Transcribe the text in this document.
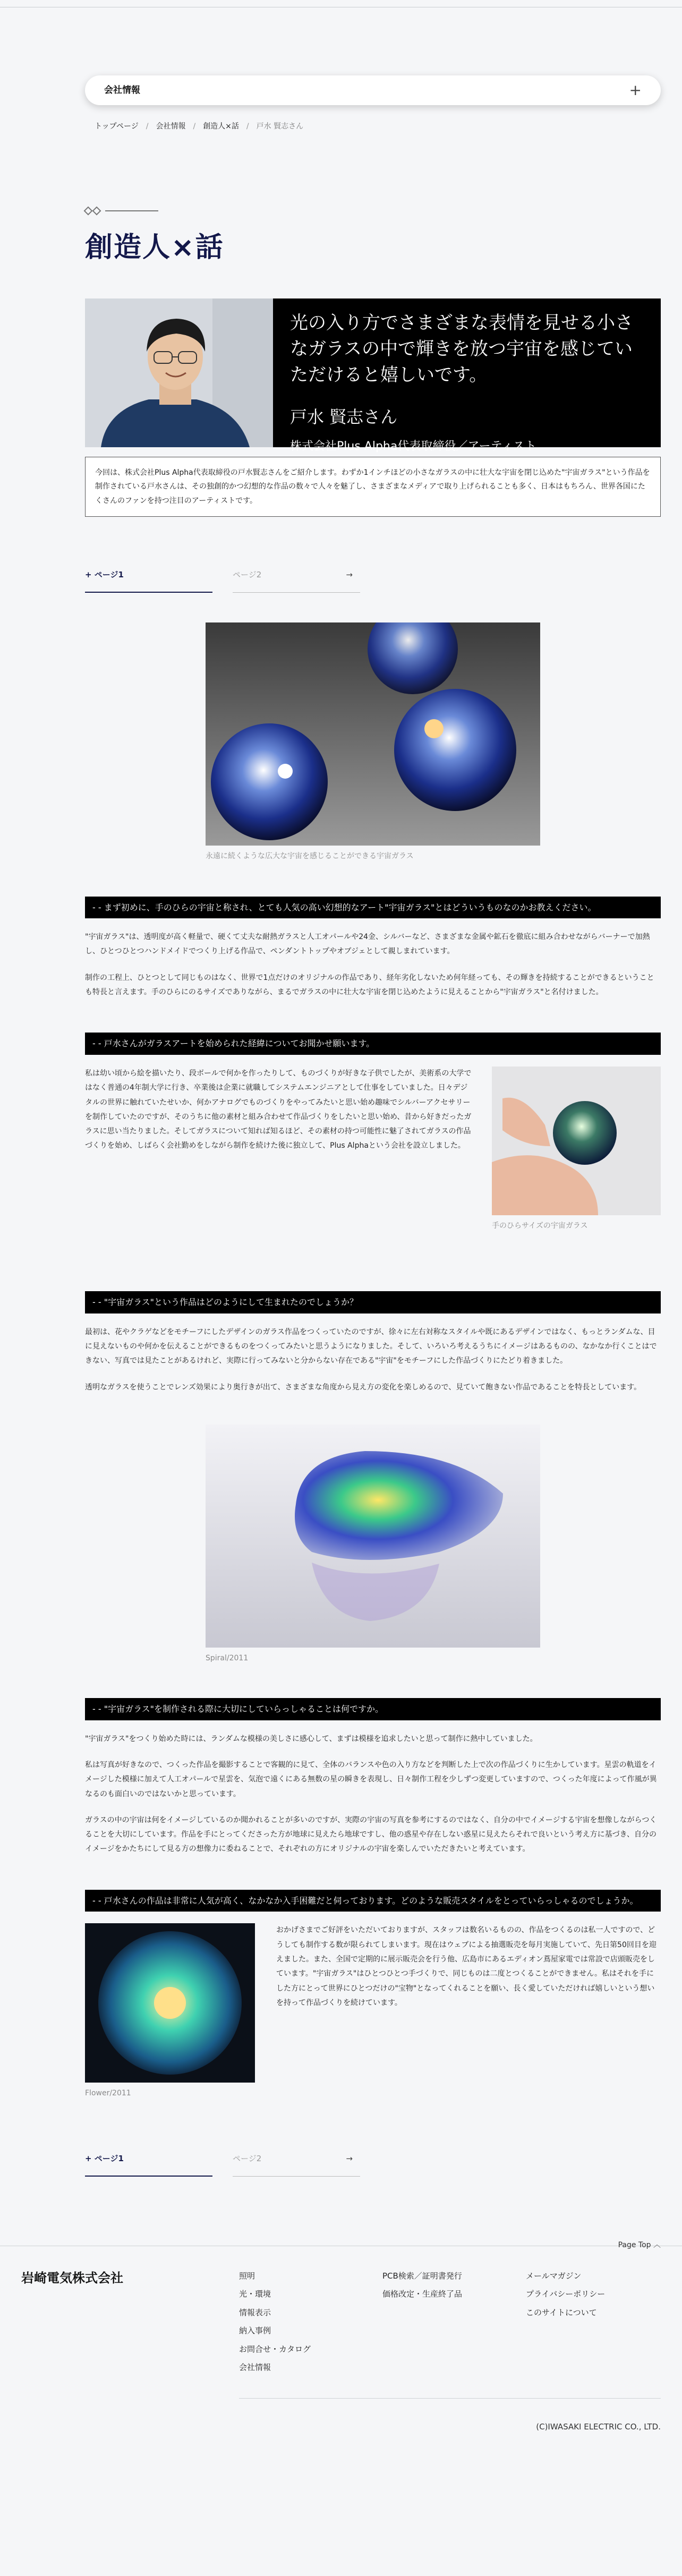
会社情報	+
トップページ / 会社情報 / 創造人×話 / 戸水 賢志さん
創造人×話

光の入り方でさまざまな表情を見せる小さなガラスの中で輝きを放つ宇宙を感じていただけると嬉しいです。

戸水 賢志さん

株式会社Plus Alpha代表取締役／アーティスト

今回は、株式会社Plus Alpha代表取締役の戸水賢志さんをご紹介します。わずか1インチほどの小さなガラスの中に壮大な宇宙を閉じ込めた"宇宙ガラス"という作品を制作されている戸水さんは、その独創的かつ幻想的な作品の数々で人々を魅了し、さまざまなメディアで取り上げられることも多く、日本はもちろん、世界各国にたくさんのファンを持つ注目のアーティストです。
+ ページ1	ページ2	→

永遠に続くような広大な宇宙を感じることができる宇宙ガラス

- - まず初めに、手のひらの宇宙と称され、とても人気の高い幻想的なアート"宇宙ガラス"とはどういうものなのかお教えください。

"宇宙ガラス"は、透明度が高く軽量で、硬くて丈夫な耐熱ガラスと人工オパールや24金、シルバーなど、さまざまな金属や鉱石を徹底に組み合わせながらバーナーで加熱し、ひとつひとつハンドメイドでつくり上げる作品で、ペンダントトップやオブジェとして親しまれています。

制作の工程上、ひとつとして同じものはなく、世界で1点だけのオリジナルの作品であり、経年劣化しないため何年経っても、その輝きを持続することができるということも特長と言えます。手のひらにのるサイズでありながら、まるでガラスの中に壮大な宇宙を閉じ込めたように見えることから"宇宙ガラス"と名付けました。

- - 戸水さんがガラスアートを始められた経緯についてお聞かせ願います。

私は幼い頃から絵を描いたり、段ボールで何かを作ったりして、ものづくりが好きな子供でしたが、美術系の大学ではなく普通の4年制大学に行き、卒業後は企業に就職してシステムエンジニアとして仕事をしていました。日々デジタルの世界に触れていたせいか、何かアナログでものづくりをやってみたいと思い始め趣味でシルバーアクセサリーを制作していたのですが、そのうちに他の素材と組み合わせて作品づくりをしたいと思い始め、昔から好きだったガラスに思い当たりました。そしてガラスについて知れば知るほど、その素材の持つ可能性に魅了されてガラスの作品づくりを始め、しばらく会社勤めをしながら制作を続けた後に独立して、Plus Alphaという会社を設立しました。

手のひらサイズの宇宙ガラス

- - "宇宙ガラス"という作品はどのようにして生まれたのでしょうか？

最初は、花やクラゲなどをモチーフにしたデザインのガラス作品をつくっていたのですが、徐々に左右対称なスタイルや既にあるデザインではなく、もっとランダムな、目に見えないものや何かを伝えることができるものをつくってみたいと思うようになりました。そして、いろいろ考えるうちにイメージはあるものの、なかなか行くことはできない、写真では見たことがあるけれど、実際に行ってみないと分からない存在である"宇宙"をモチーフにした作品づくりにたどり着きました。

透明なガラスを使うことでレンズ効果により奥行きが出て、さまざまな角度から見え方の変化を楽しめるので、見ていて飽きない作品であることを特長としています。

Spiral/2011

- - "宇宙ガラス"を制作される際に大切にしていらっしゃることは何ですか。

"宇宙ガラス"をつくり始めた時には、ランダムな模様の美しさに感心して、まずは模様を追求したいと思って制作に熱中していました。

私は写真が好きなので、つくった作品を撮影することで客観的に見て、全体のバランスや色の入り方などを判断した上で次の作品づくりに生かしています。星雲の軌道をイメージした模様に加えて人工オパールで星雲を、気泡で遠くにある無数の星の瞬きを表現し、日々制作工程を少しずつ変更していますので、つくった年度によって作風が異なるのも面白いのではないかと思っています。

ガラスの中の宇宙は何をイメージしているのか聞かれることが多いのですが、実際の宇宙の写真を参考にするのではなく、自分の中でイメージする宇宙を想像しながらつくることを大切にしています。作品を手にとってくださった方が地球に見えたら地球ですし、他の惑星や存在しない惑星に見えたらそれで良いという考え方に基づき、自分のイメージをかたちにして見る方の想像力に委ねることで、それぞれの方にオリジナルの宇宙を楽しんでいただきたいと考えています。

- - 戸水さんの作品は非常に人気が高く、なかなか入手困難だと伺っております。どのような販売スタイルをとっていらっしゃるのでしょうか。

Flower/2011

おかげさまでご好評をいただいておりますが、スタッフは数名いるものの、作品をつくるのは私一人ですので、どうしても制作する数が限られてしまいます。現在はウェブによる抽選販売を毎月実施していて、先日第50回目を迎えました。また、全国で定期的に展示販売会を行う他、広島市にあるエディオン蔦屋家電では常設で店頭販売をしています。"宇宙ガラス"はひとつひとつ手づくりで、同じものは二度とつくることができません。私はそれを手にした方にとって世界にひとつだけの"宝物"となってくれることを願い、長く愛していただければ嬉しいという想いを持って作品づくりを続けています。

+ ページ1	ページ2	→
Page Top ︿
岩崎電気株式会社	照明
光・環境
情報表示
納入事例
お問合せ・カタログ
会社情報
PCB検索／証明書発行
価格改定・生産終了品
メールマガジン
プライバシーポリシー
このサイトについて

(C)IWASAKI ELECTRIC CO., LTD.
